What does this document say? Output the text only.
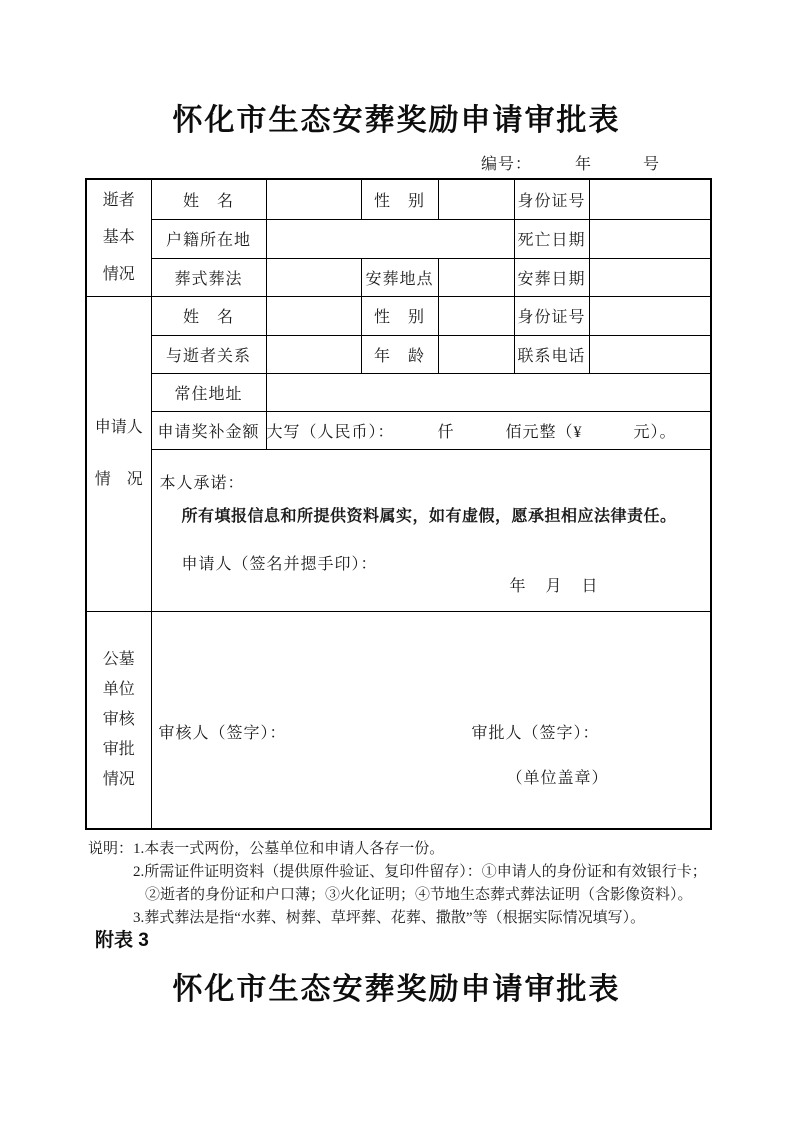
怀化市生态安葬奖励申请审批表
编号：　　　年　　　号
逝者
基本
情况	姓　名		性　别		身份证号	
	户籍所在地				死亡日期	
	葬式葬法		安葬地点		安葬日期	

申请人
情　况	姓　名		性　别		身份证号	
	与逝者关系		年　龄		联系电话	
	常住地址					
	申请奖补金额	大写（人民币）：　　　仟　　　佰元整（¥　　　元）。				

	本人承诺：
所有填报信息和所提供资料属实，如有虚假，愿承担相应法律责任。
申请人（签名并摁手印）：
年　月　日					

公墓
单位
审核
审批
情况

审核人（签字）：	审批人（签字）：
（单位盖章）
说明： 1.本表一式两份，公墓单位和申请人各存一份。
2.所需证件证明资料（提供原件验证、复印件留存）：①申请人的身份证和有效银行卡；
②逝者的身份证和户口薄；③火化证明；④节地生态葬式葬法证明（含影像资料）。
3.葬式葬法是指“水葬、树葬、草坪葬、花葬、撒散”等（根据实际情况填写）。
附表 3
怀化市生态安葬奖励申请审批表
